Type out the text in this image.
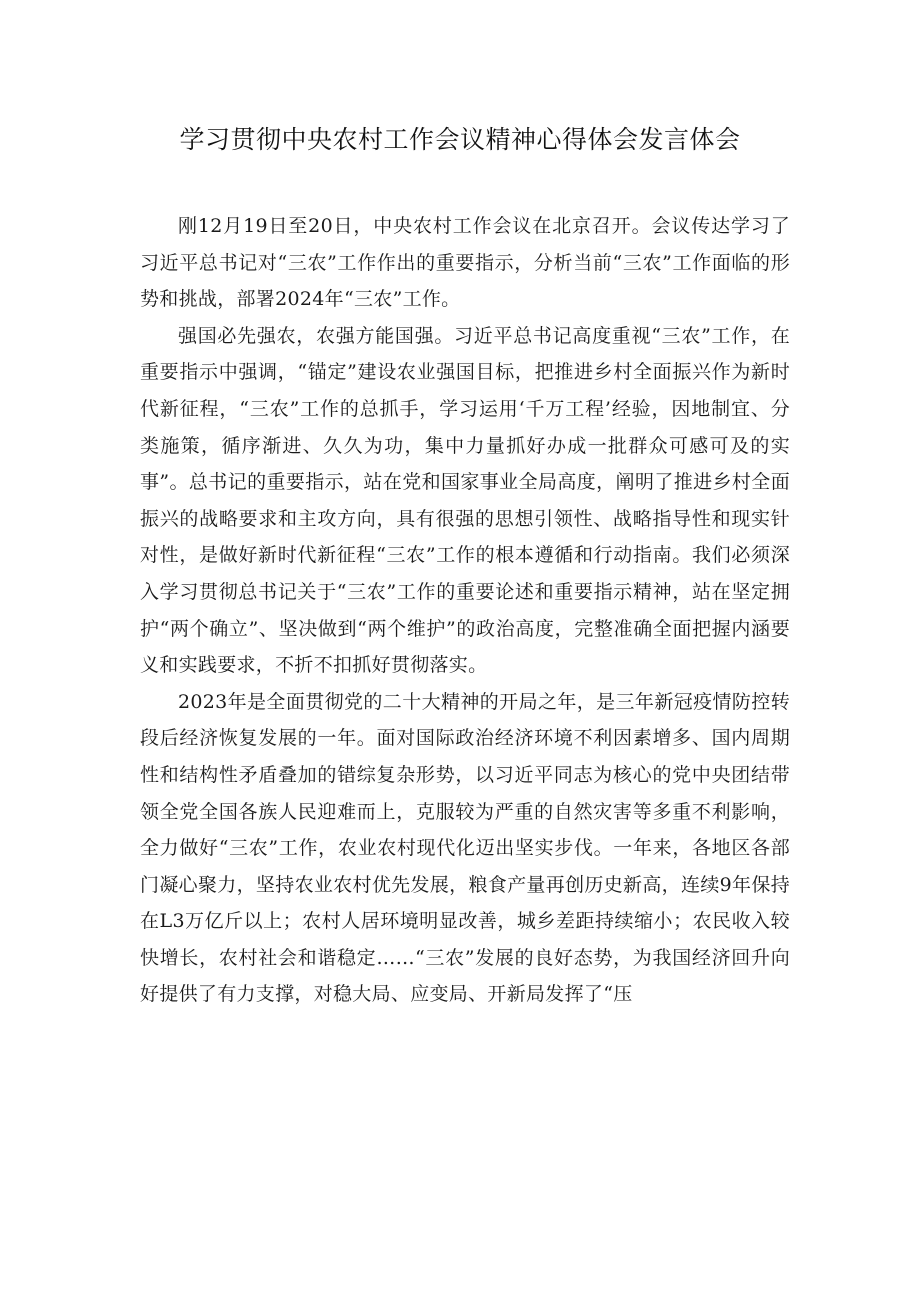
学习贯彻中央农村工作会议精神心得体会发言体会

刚12月19日至20日，中央农村工作会议在北京召开。会议传达学习了习近平总书记对“三农”工作作出的重要指示，分析当前“三农”工作面临的形势和挑战，部署2024年“三农”工作。

强国必先强农，农强方能国强。习近平总书记高度重视“三农”工作，在重要指示中强调，“锚定”建设农业强国目标，把推进乡村全面振兴作为新时代新征程，“三农”工作的总抓手，学习运用‘千万工程’经验，因地制宜、分类施策，循序渐进、久久为功，集中力量抓好办成一批群众可感可及的实事”。总书记的重要指示，站在党和国家事业全局高度，阐明了推进乡村全面振兴的战略要求和主攻方向，具有很强的思想引领性、战略指导性和现实针对性，是做好新时代新征程“三农”工作的根本遵循和行动指南。我们必须深入学习贯彻总书记关于“三农”工作的重要论述和重要指示精神，站在坚定拥护“两个确立”、坚决做到“两个维护”的政治高度，完整准确全面把握内涵要义和实践要求，不折不扣抓好贯彻落实。

2023年是全面贯彻党的二十大精神的开局之年，是三年新冠疫情防控转段后经济恢复发展的一年。面对国际政治经济环境不利因素增多、国内周期性和结构性矛盾叠加的错综复杂形势，以习近平同志为核心的党中央团结带领全党全国各族人民迎难而上，克服较为严重的自然灾害等多重不利影响，全力做好“三农”工作，农业农村现代化迈出坚实步伐。一年来，各地区各部门凝心聚力，坚持农业农村优先发展，粮食产量再创历史新高，连续9年保持在L3万亿斤以上；农村人居环境明显改善，城乡差距持续缩小；农民收入较快增长，农村社会和谐稳定……“三农”发展的良好态势，为我国经济回升向好提供了有力支撑，对稳大局、应变局、开新局发挥了“压
